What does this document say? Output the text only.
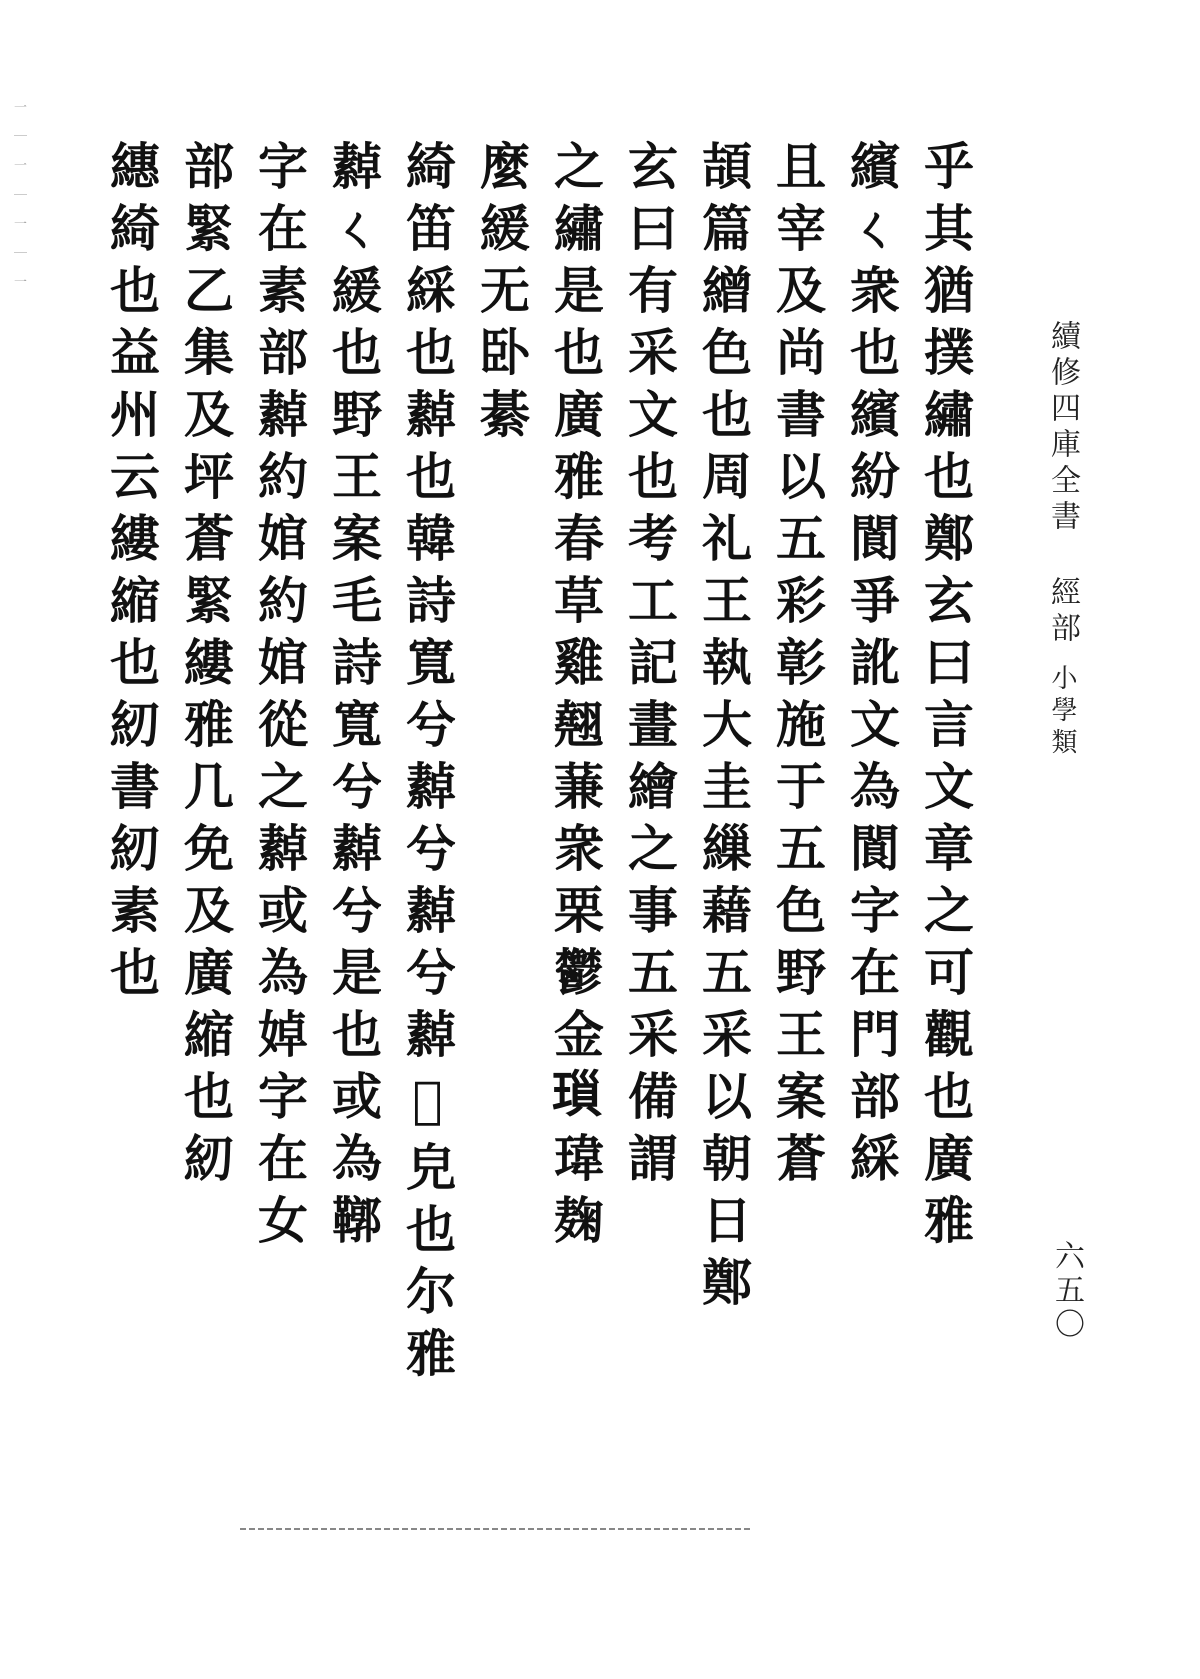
一 ｜ 一 ｜ 一 ｜ 一
續修四庫全書經部小學類
乎其猶撲繡也鄭玄曰言文章之可觀也廣雅
繽ㄑ衆也繽紛閬爭訛文為閬字在門部綵
且宰及尚書以五彩彰施于五色野王案蒼
頡篇繒色也周礼王執大圭繅藉五采以朝日鄭
玄曰有采文也考工記畫繪之事五采備謂
之繡是也廣雅春草雞翹蒹衆栗鬱金𤨏瑋麹
麼緩无卧綦
綺笛綵也繛也韓詩寬兮繛兮繛兮繛𦁁皃也尔雅
繛ㄑ緩也野王案毛詩寬兮繛兮是也或為鞹
字在素部繛約婠約婠從之繛或為婥字在女
部緊乙集及坪蒼緊縷雅几免及廣縮也紉
繐綺也益州云縷縮也紉書紉素也
六五〇
